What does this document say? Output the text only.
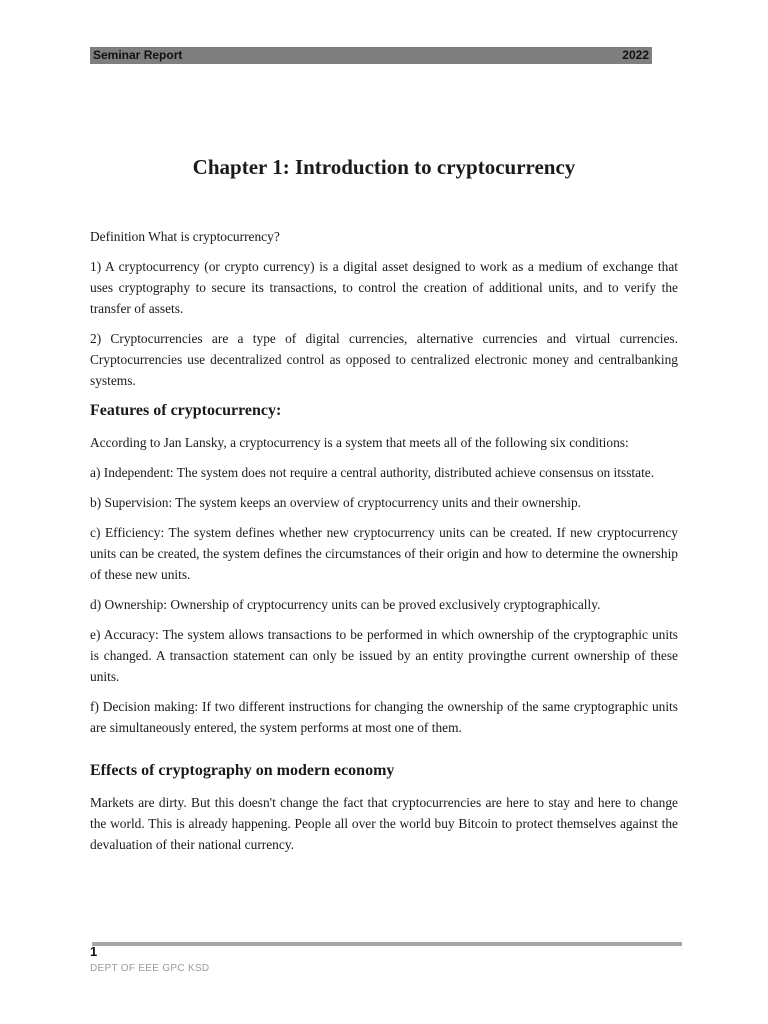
Seminar Report	2022
Chapter 1: Introduction to cryptocurrency

Definition What is cryptocurrency?

1) A cryptocurrency (or crypto currency) is a digital asset designed to work as a medium of exchange that uses cryptography to secure its transactions, to control the creation of additional units, and to verify the transfer of assets.

2) Cryptocurrencies are a type of digital currencies, alternative currencies and virtual currencies. Cryptocurrencies use decentralized control as opposed to centralized electronic money and centralbanking systems.

Features of cryptocurrency:

According to Jan Lansky, a cryptocurrency is a system that meets all of the following six conditions:

a) Independent: The system does not require a central authority, distributed achieve consensus on itsstate.

b) Supervision: The system keeps an overview of cryptocurrency units and their ownership.

c) Efficiency: The system defines whether new cryptocurrency units can be created. If new cryptocurrency units can be created, the system defines the circumstances of their origin and how to determine the ownership of these new units.

d) Ownership: Ownership of cryptocurrency units can be proved exclusively cryptographically.

e) Accuracy: The system allows transactions to be performed in which ownership of the cryptographic units is changed. A transaction statement can only be issued by an entity provingthe current ownership of these units.

f) Decision making: If two different instructions for changing the ownership of the same cryptographic units are simultaneously entered, the system performs at most one of them.

Effects of cryptography on modern economy

Markets are dirty. But this doesn't change the fact that cryptocurrencies are here to stay and here to change the world. This is already happening. People all over the world buy Bitcoin to protect themselves against the devaluation of their national currency.

1
DEPT OF EEE GPC KSD
